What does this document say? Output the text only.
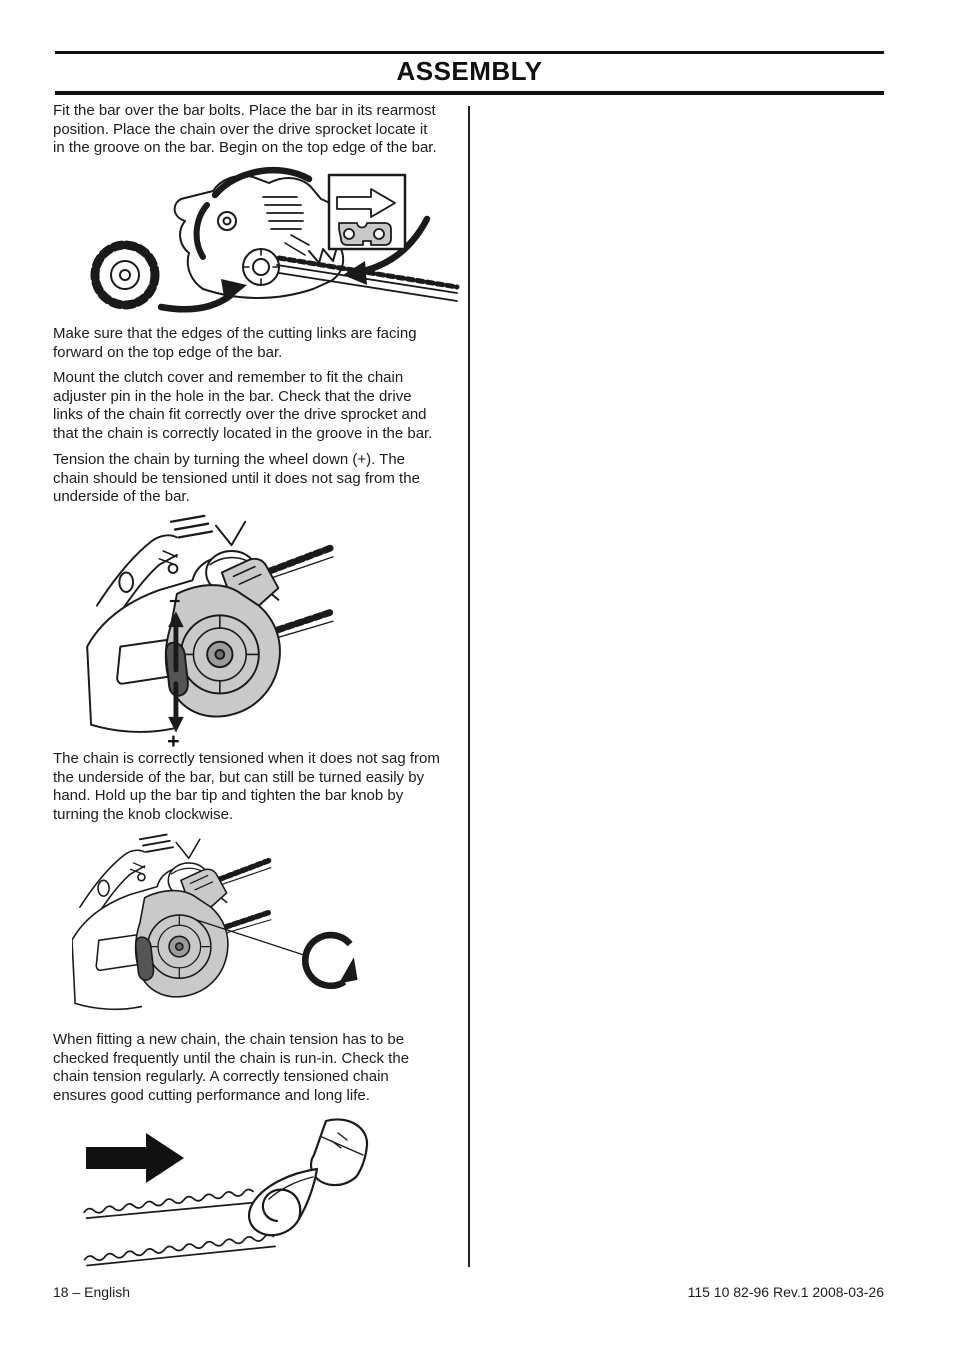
ASSEMBLY

Fit the bar over the bar bolts. Place the bar in its rearmost position. Place the chain over the drive sprocket locate it in the groove on the bar. Begin on the top edge of the bar.

Make sure that the edges of the cutting links are facing forward on the top edge of the bar.

Mount the clutch cover and remember to fit the chain adjuster pin in the hole in the bar. Check that the drive links of the chain fit correctly over the drive sprocket and that the chain is correctly located in the groove in the bar.

Tension the chain by turning the wheel down (+). The chain should be tensioned until it does not sag from the underside of the bar.

−
+

The chain is correctly tensioned when it does not sag from the underside of the bar, but can still be turned easily by hand. Hold up the bar tip and tighten the bar knob by turning the knob clockwise.

When fitting a new chain, the chain tension has to be checked frequently until the chain is run-in. Check the chain tension regularly. A correctly tensioned chain ensures good cutting performance and long life.

18 – English	115 10 82-96 Rev.1 2008-03-26
